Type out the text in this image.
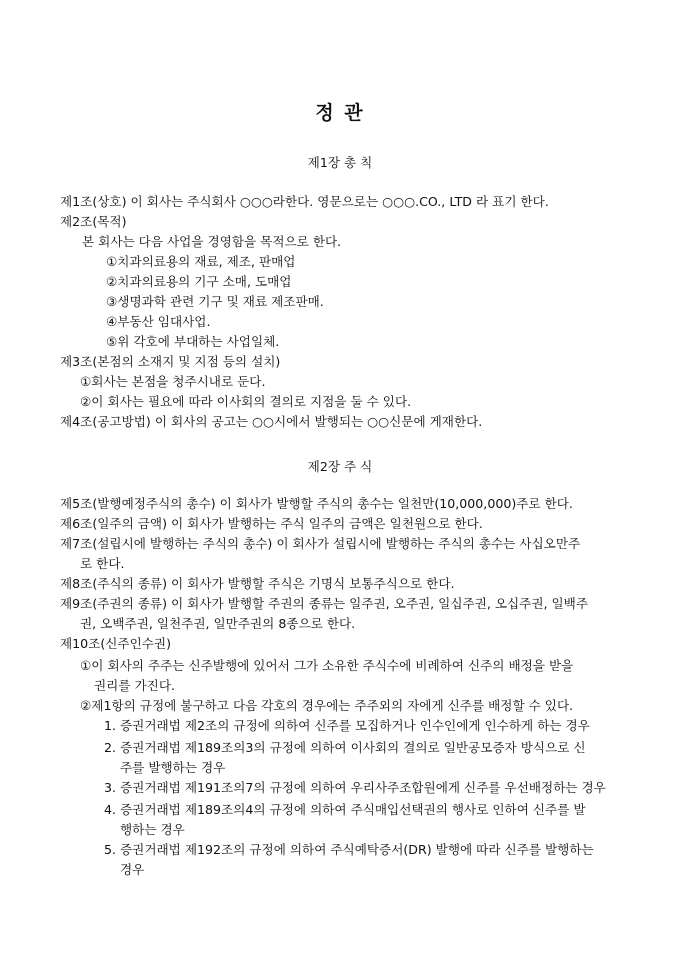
정 관
제1장 총 칙
제1조(상호) 이 회사는 주식회사 ○○○라한다. 영문으로는 ○○○.CO., LTD 라 표기 한다.
제2조(목적)
본 회사는 다음 사업을 경영함을 목적으로 한다.
①치과의료용의 재료, 제조, 판매업
②치과의료용의 기구 소매, 도매업
③생명과학 관련 기구 및 재료 제조판매.
④부동산 임대사업.
⑤위 각호에 부대하는 사업일체.
제3조(본점의 소재지 및 지점 등의 설치)
①회사는 본점을 청주시내로 둔다.
②이 회사는 필요에 따라 이사회의 결의로 지점을 둘 수 있다.
제4조(공고방법) 이 회사의 공고는 ○○시에서 발행되는 ○○신문에 게재한다.
제2장 주 식
제5조(발행예정주식의 총수) 이 회사가 발행할 주식의 총수는 일천만(10,000,000)주로 한다.
제6조(일주의 금액) 이 회사가 발행하는 주식 일주의 금액은 일천원으로 한다.
제7조(설립시에 발행하는 주식의 총수) 이 회사가 설립시에 발행하는 주식의 총수는 사십오만주
로 한다.
제8조(주식의 종류) 이 회사가 발행할 주식은 기명식 보통주식으로 한다.
제9조(주권의 종류) 이 회사가 발행할 주권의 종류는 일주권, 오주권, 일십주권, 오십주권, 일백주
권, 오백주권, 일천주권, 일만주권의 8종으로 한다.
제10조(신주인수권)
①이 회사의 주주는 신주발행에 있어서 그가 소유한 주식수에 비례하여 신주의 배정을 받을
권리를 가진다.
②제1항의 규정에 불구하고 다음 각호의 경우에는 주주외의 자에게 신주를 배정할 수 있다.
1. 증권거래법 제2조의 규정에 의하여 신주를 모집하거나 인수인에게 인수하게 하는 경우
2. 증권거래법 제189조의3의 규정에 의하여 이사회의 결의로 일반공모증자 방식으로 신
주를 발행하는 경우
3. 증권거래법 제191조의7의 규정에 의하여 우리사주조합원에게 신주를 우선배정하는 경우
4. 증권거래법 제189조의4의 규정에 의하여 주식매입선택권의 행사로 인하여 신주를 발
행하는 경우
5. 증권거래법 제192조의 규정에 의하여 주식예탁증서(DR) 발행에 따라 신주를 발행하는
경우
